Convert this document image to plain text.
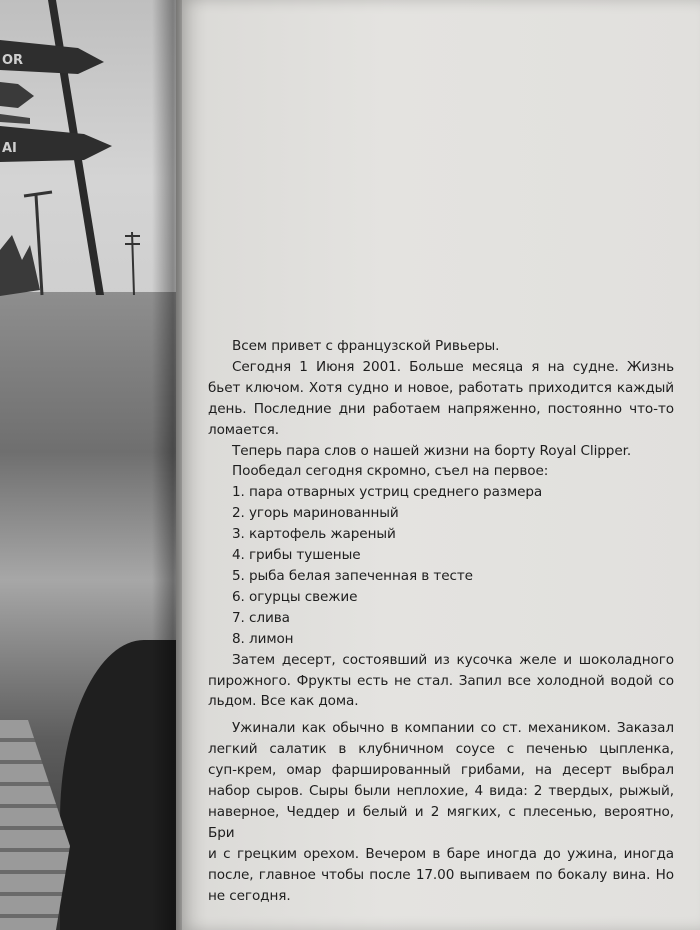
OR
AI

Всем привет с французской Ривьеры.

Сегодня 1 Июня 2001. Больше месяца я на судне. Жизнь
бьет ключом. Хотя судно и новое, работать приходится каждый
день. Последние дни работаем напряженно, постоянно что-то
ломается.

Теперь пара слов о нашей жизни на борту Royal Clipper.

Пообедал сегодня скромно, съел на первое:

1. пара отварных устриц среднего размера
2. угорь маринованный
3. картофель жареный
4. грибы тушеные
5. рыба белая запеченная в тесте
6. огурцы свежие
7. слива
8. лимон

Затем десерт, состоявший из кусочка желе и шоколадного
пирожного. Фрукты есть не стал. Запил все холодной водой со
льдом. Все как дома.

Ужинали как обычно в компании со ст. механиком. Заказал
легкий салатик в клубничном соусе с печенью цыпленка,
суп-крем, омар фаршированный грибами, на десерт выбрал
набор сыров. Сыры были неплохие, 4 вида: 2 твердых, рыжый,
наверное, Чеддер и белый и 2 мягких, с плесенью, вероятно, Бри
и с грецким орехом. Вечером в баре иногда до ужина, иногда
после, главное чтобы после 17.00 выпиваем по бокалу вина. Но
не сегодня.
